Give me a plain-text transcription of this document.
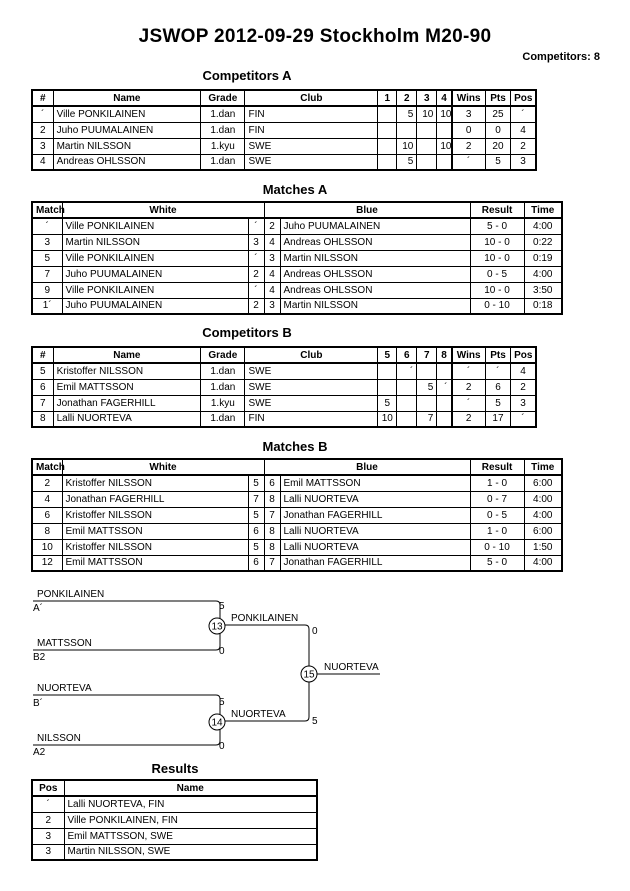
JSWOP 2012-09-29 Stockholm M20-90
Competitors: 8
Competitors A
#	Name	Grade	Club	1	2	3	4	Wins	Pts	Pos
´	Ville PONKILAINEN	1.dan	FIN		5	10	10	3	25	´
2	Juho PUUMALAINEN	1.dan	FIN					0	0	4
3	Martin NILSSON	1.kyu	SWE		10		10	2	20	2
4	Andreas OHLSSON	1.dan	SWE		5			´	5	3
Matches A
Match	White		Blue		Result	Time
´	Ville PONKILAINEN	´	2	Juho PUUMALAINEN	5 - 0	4:00
3	Martin NILSSON	3	4	Andreas OHLSSON	10 - 0	0:22
5	Ville PONKILAINEN	´	3	Martin NILSSON	10 - 0	0:19
7	Juho PUUMALAINEN	2	4	Andreas OHLSSON	0 - 5	4:00
9	Ville PONKILAINEN	´	4	Andreas OHLSSON	10 - 0	3:50
1´	Juho PUUMALAINEN	2	3	Martin NILSSON	0 - 10	0:18
Competitors B
#	Name	Grade	Club	5	6	7	8	Wins	Pts	Pos
5	Kristoffer NILSSON	1.dan	SWE		´			´	´	4
6	Emil MATTSSON	1.dan	SWE			5	´	2	6	2
7	Jonathan FAGERHILL	1.kyu	SWE	5				´	5	3
8	Lalli NUORTEVA	1.dan	FIN	10		7		2	17	´
Matches B
Match	White		Blue		Result	Time
2	Kristoffer NILSSON	5	6	Emil MATTSSON	1 - 0	6:00
4	Jonathan FAGERHILL	7	8	Lalli NUORTEVA	0 - 7	4:00
6	Kristoffer NILSSON	5	7	Jonathan FAGERHILL	0 - 5	4:00
8	Emil MATTSSON	6	8	Lalli NUORTEVA	1 - 0	6:00
10	Kristoffer NILSSON	5	8	Lalli NUORTEVA	0 - 10	1:50
12	Emil MATTSSON	6	7	Jonathan FAGERHILL	5 - 0	4:00
PONKILAINEN
A´	5
MATTSSON
B2
0
13
PONKILAINEN
0
NUORTEVA
B´	5
NILSSON
A2
0
14
NUORTEVA
5
15
NUORTEVA
Results
Pos	Name
´	Lalli NUORTEVA, FIN
2	Ville PONKILAINEN, FIN
3	Emil MATTSSON, SWE
3	Martin NILSSON, SWE
